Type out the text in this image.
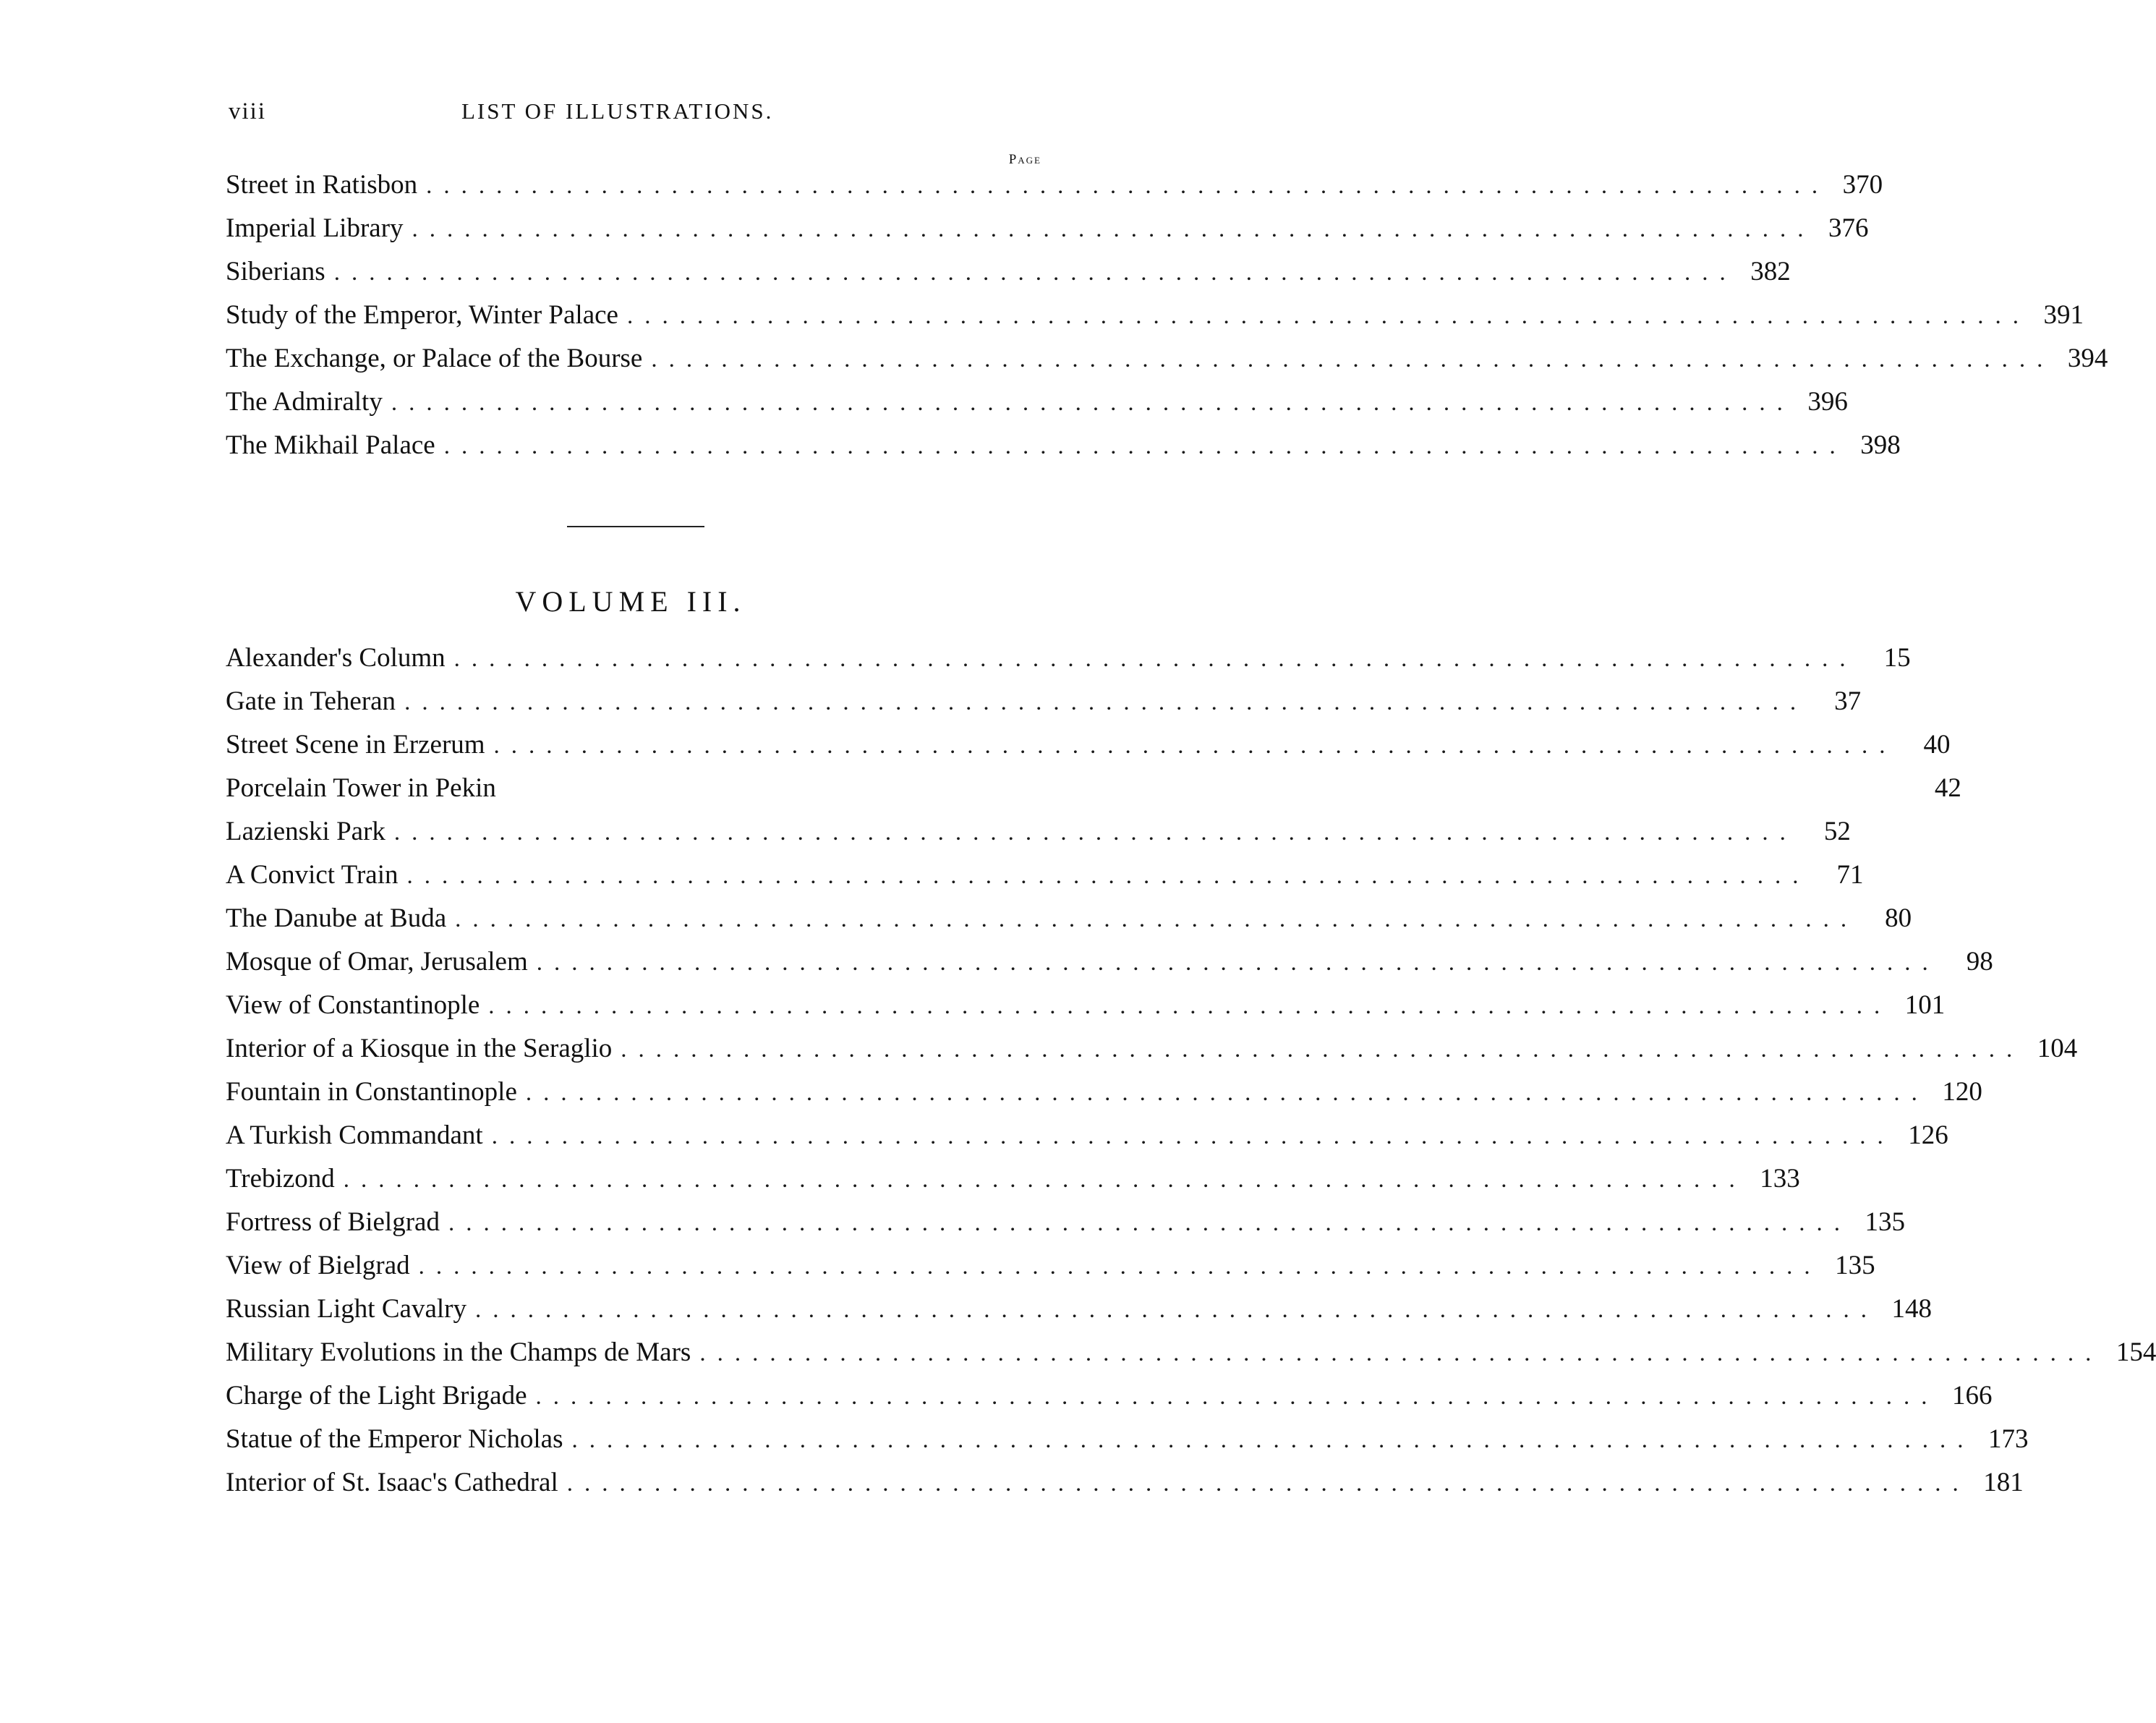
viii	LIST OF ILLUSTRATIONS.
Page
Street in Ratisbon ................................................................................ 370
Imperial Library ................................................................................ 376
Siberians ................................................................................ 382
Study of the Emperor, Winter Palace ................................................................................ 391
The Exchange, or Palace of the Bourse ................................................................................ 394
The Admiralty ................................................................................ 396
The Mikhail Palace ................................................................................ 398
VOLUME III.
Alexander's Column ................................................................................	15
Gate in Teheran ................................................................................	37
Street Scene in Erzerum ................................................................................	40
Porcelain Tower in Pekin	42
Lazienski Park ................................................................................	52
A Convict Train ................................................................................	71
The Danube at Buda ................................................................................	80
Mosque of Omar, Jerusalem ................................................................................	98
View of Constantinople ................................................................................ 101
Interior of a Kiosque in the Seraglio ................................................................................ 104
Fountain in Constantinople ................................................................................ 120
A Turkish Commandant ................................................................................ 126
Trebizond ................................................................................ 133
Fortress of Bielgrad ................................................................................ 135
View of Bielgrad ................................................................................ 135
Russian Light Cavalry ................................................................................ 148
Military Evolutions in the Champs de Mars ................................................................................ 154
Charge of the Light Brigade ................................................................................ 166
Statue of the Emperor Nicholas ................................................................................ 173
Interior of St. Isaac's Cathedral ................................................................................ 181
